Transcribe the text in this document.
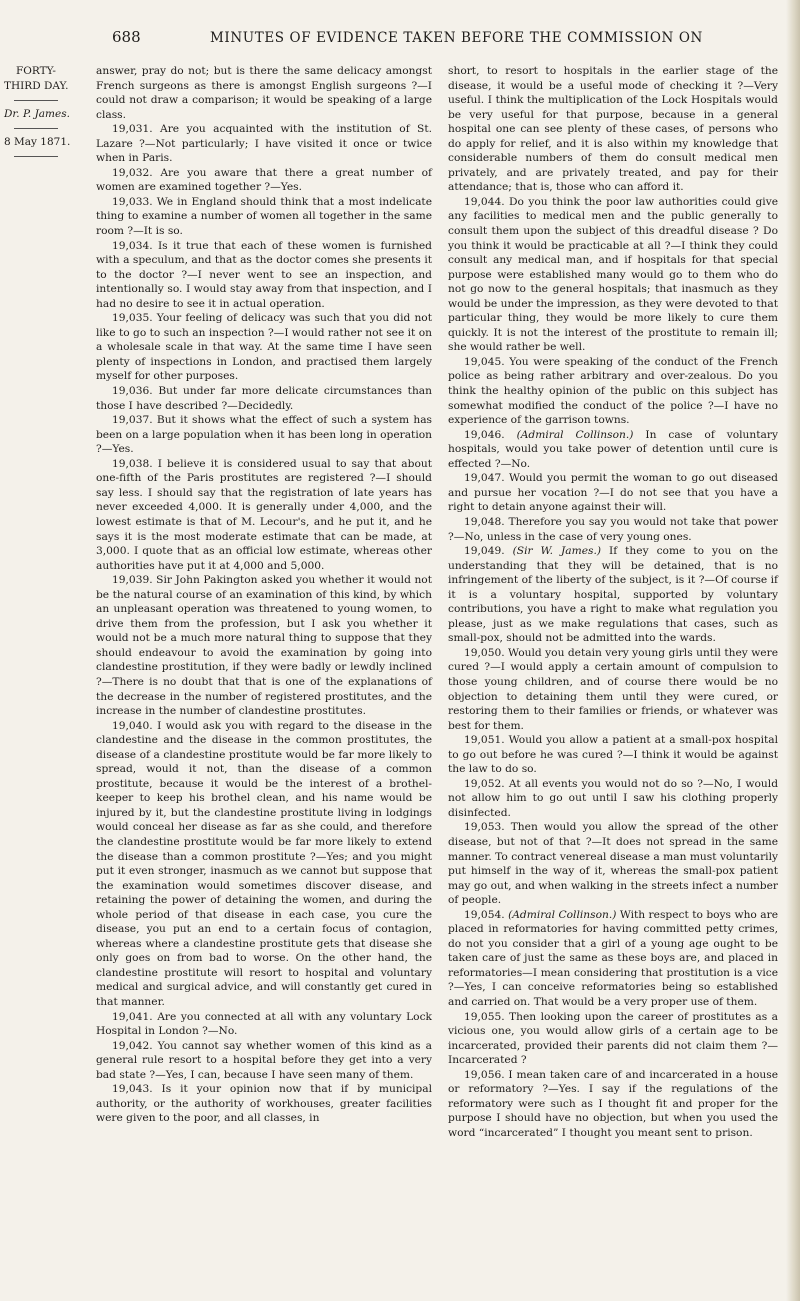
688	MINUTES OF EVIDENCE TAKEN BEFORE THE COMMISSION ON
FORTY-
THIRD DAY.
Dr. P. James.
8 May 1871.

answer, pray do not; but is there the same delicacy amongst French surgeons as there is amongst English surgeons ?—I could not draw a comparison; it would be speaking of a large class.

19,031. Are you acquainted with the institution of St. Lazare ?—Not particularly; I have visited it once or twice when in Paris.

19,032. Are you aware that there a great number of women are examined together ?—Yes.

19,033. We in England should think that a most indelicate thing to examine a number of women all together in the same room ?—It is so.

19,034. Is it true that each of these women is furnished with a speculum, and that as the doctor comes she presents it to the doctor ?—I never went to see an inspection, and intentionally so. I would stay away from that inspection, and I had no desire to see it in actual operation.

19,035. Your feeling of delicacy was such that you did not like to go to such an inspection ?—I would rather not see it on a wholesale scale in that way. At the same time I have seen plenty of inspections in London, and practised them largely myself for other purposes.

19,036. But under far more delicate circumstances than those I have described ?—Decidedly.

19,037. But it shows what the effect of such a system has been on a large population when it has been long in operation ?—Yes.

19,038. I believe it is considered usual to say that about one-fifth of the Paris prostitutes are registered ?—I should say less. I should say that the registration of late years has never exceeded 4,000. It is generally under 4,000, and the lowest estimate is that of M. Lecour's, and he put it, and he says it is the most moderate estimate that can be made, at 3,000. I quote that as an official low estimate, whereas other authorities have put it at 4,000 and 5,000.

19,039. Sir John Pakington asked you whether it would not be the natural course of an examination of this kind, by which an unpleasant operation was threatened to young women, to drive them from the profession, but I ask you whether it would not be a much more natural thing to suppose that they should endeavour to avoid the examination by going into clandestine prostitution, if they were badly or lewdly inclined ?—There is no doubt that that is one of the explanations of the decrease in the number of registered prostitutes, and the increase in the number of clandestine prostitutes.

19,040. I would ask you with regard to the disease in the clandestine and the disease in the common prostitutes, the disease of a clandestine prostitute would be far more likely to spread, would it not, than the disease of a common prostitute, because it would be the interest of a brothel-keeper to keep his brothel clean, and his name would be injured by it, but the clandestine prostitute living in lodgings would conceal her disease as far as she could, and therefore the clandestine prostitute would be far more likely to extend the disease than a common prostitute ?—Yes; and you might put it even stronger, inasmuch as we cannot but suppose that the examination would sometimes discover disease, and retaining the power of detaining the women, and during the whole period of that disease in each case, you cure the disease, you put an end to a certain focus of contagion, whereas where a clandestine prostitute gets that disease she only goes on from bad to worse. On the other hand, the clandestine prostitute will resort to hospital and voluntary medical and surgical advice, and will constantly get cured in that manner.

19,041. Are you connected at all with any voluntary Lock Hospital in London ?—No.

19,042. You cannot say whether women of this kind as a general rule resort to a hospital before they get into a very bad state ?—Yes, I can, because I have seen many of them.

19,043. Is it your opinion now that if by municipal authority, or the authority of workhouses, greater facilities were given to the poor, and all classes, in

short, to resort to hospitals in the earlier stage of the disease, it would be a useful mode of checking it ?—Very useful. I think the multiplication of the Lock Hospitals would be very useful for that purpose, because in a general hospital one can see plenty of these cases, of persons who do apply for relief, and it is also within my knowledge that considerable numbers of them do consult medical men privately, and are privately treated, and pay for their attendance; that is, those who can afford it.

19,044. Do you think the poor law authorities could give any facilities to medical men and the public generally to consult them upon the subject of this dreadful disease ? Do you think it would be practicable at all ?—I think they could consult any medical man, and if hospitals for that special purpose were established many would go to them who do not go now to the general hospitals; that inasmuch as they would be under the impression, as they were devoted to that particular thing, they would be more likely to cure them quickly. It is not the interest of the prostitute to remain ill; she would rather be well.

19,045. You were speaking of the conduct of the French police as being rather arbitrary and over-zealous. Do you think the healthy opinion of the public on this subject has somewhat modified the conduct of the police ?—I have no experience of the garrison towns.

19,046. (Admiral Collinson.) In case of voluntary hospitals, would you take power of detention until cure is effected ?—No.

19,047. Would you permit the woman to go out diseased and pursue her vocation ?—I do not see that you have a right to detain anyone against their will.

19,048. Therefore you say you would not take that power ?—No, unless in the case of very young ones.

19,049. (Sir W. James.) If they come to you on the understanding that they will be detained, that is no infringement of the liberty of the subject, is it ?—Of course if it is a voluntary hospital, supported by voluntary contributions, you have a right to make what regulation you please, just as we make regulations that cases, such as small-pox, should not be admitted into the wards.

19,050. Would you detain very young girls until they were cured ?—I would apply a certain amount of compulsion to those young children, and of course there would be no objection to detaining them until they were cured, or restoring them to their families or friends, or whatever was best for them.

19,051. Would you allow a patient at a small-pox hospital to go out before he was cured ?—I think it would be against the law to do so.

19,052. At all events you would not do so ?—No, I would not allow him to go out until I saw his clothing properly disinfected.

19,053. Then would you allow the spread of the other disease, but not of that ?—It does not spread in the same manner. To contract venereal disease a man must voluntarily put himself in the way of it, whereas the small-pox patient may go out, and when walking in the streets infect a number of people.

19,054. (Admiral Collinson.) With respect to boys who are placed in reformatories for having committed petty crimes, do not you consider that a girl of a young age ought to be taken care of just the same as these boys are, and placed in reformatories—I mean considering that prostitution is a vice ?—Yes, I can conceive reformatories being so established and carried on. That would be a very proper use of them.

19,055. Then looking upon the career of prostitutes as a vicious one, you would allow girls of a certain age to be incarcerated, provided their parents did not claim them ?—Incarcerated ?

19,056. I mean taken care of and incarcerated in a house or reformatory ?—Yes. I say if the regulations of the reformatory were such as I thought fit and proper for the purpose I should have no objection, but when you used the word “incarcerated” I thought you meant sent to prison.
